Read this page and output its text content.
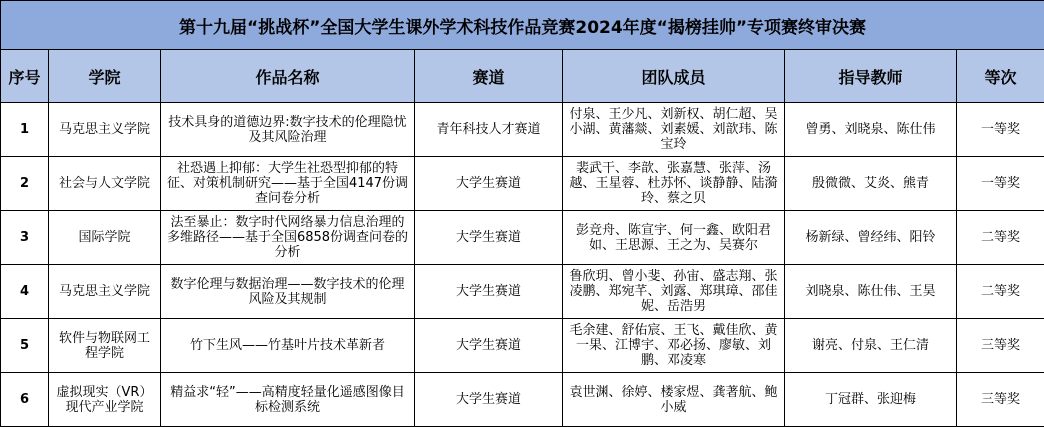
第十九届“挑战杯”全国大学生课外学术科技作品竞赛2024年度“揭榜挂帅”专项赛终审决赛						
序号	学院	作品名称	赛道	团队成员	指导教师	等次
1	马克思主义学院	技术具身的道德边界:数字技术的伦理隐忧及其风险治理	青年科技人才赛道	付泉、王少凡、刘新权、胡仁超、吴小湖、黄藩燚、刘素媛、刘歆玮、陈宝玲	曾勇、刘晓泉、陈仕伟	一等奖
2	社会与人文学院	社恐遇上抑郁：大学生社恐型抑郁的特征、对策机制研究——基于全国4147份调查问卷分析	大学生赛道	裴武干、李歆、张嘉慧、张萍、汤越、王星蓉、杜苏怀、谈静静、陆漪玲、蔡之贝	殷微微、艾炎、熊青	一等奖
3	国际学院	法至暴止：数字时代网络暴力信息治理的多维路径——基于全国6858份调查问卷的分析	大学生赛道	彭竞舟、陈宣宇、何一鑫、欧阳君如、王思源、王之为、吴赛尔	杨新绿、曾经纬、阳铃	二等奖
4	马克思主义学院	数字伦理与数据治理——数字技术的伦理风险及其规制	大学生赛道	鲁欣玥、曾小斐、孙宙、盛志翔、张凌鹏、郑宛芊、刘露、郑琪璋、邵佳妮、岳浩男	刘晓泉、陈仕伟、王昊	二等奖
5	软件与物联网工程学院	竹下生风——竹基叶片技术革新者	大学生赛道	毛余建、舒佑宸、王飞、戴佳欣、黄一果、江博宇、邓必扬、廖敏、刘鹏、邓凌寒	谢亮、付泉、王仁清	三等奖
6	虚拟现实（VR）现代产业学院	精益求“轻”——高精度轻量化遥感图像目标检测系统	大学生赛道	袁世渊、徐婷、楼家煜、龚著航、鲍小威	丁冠群、张迎梅	三等奖
